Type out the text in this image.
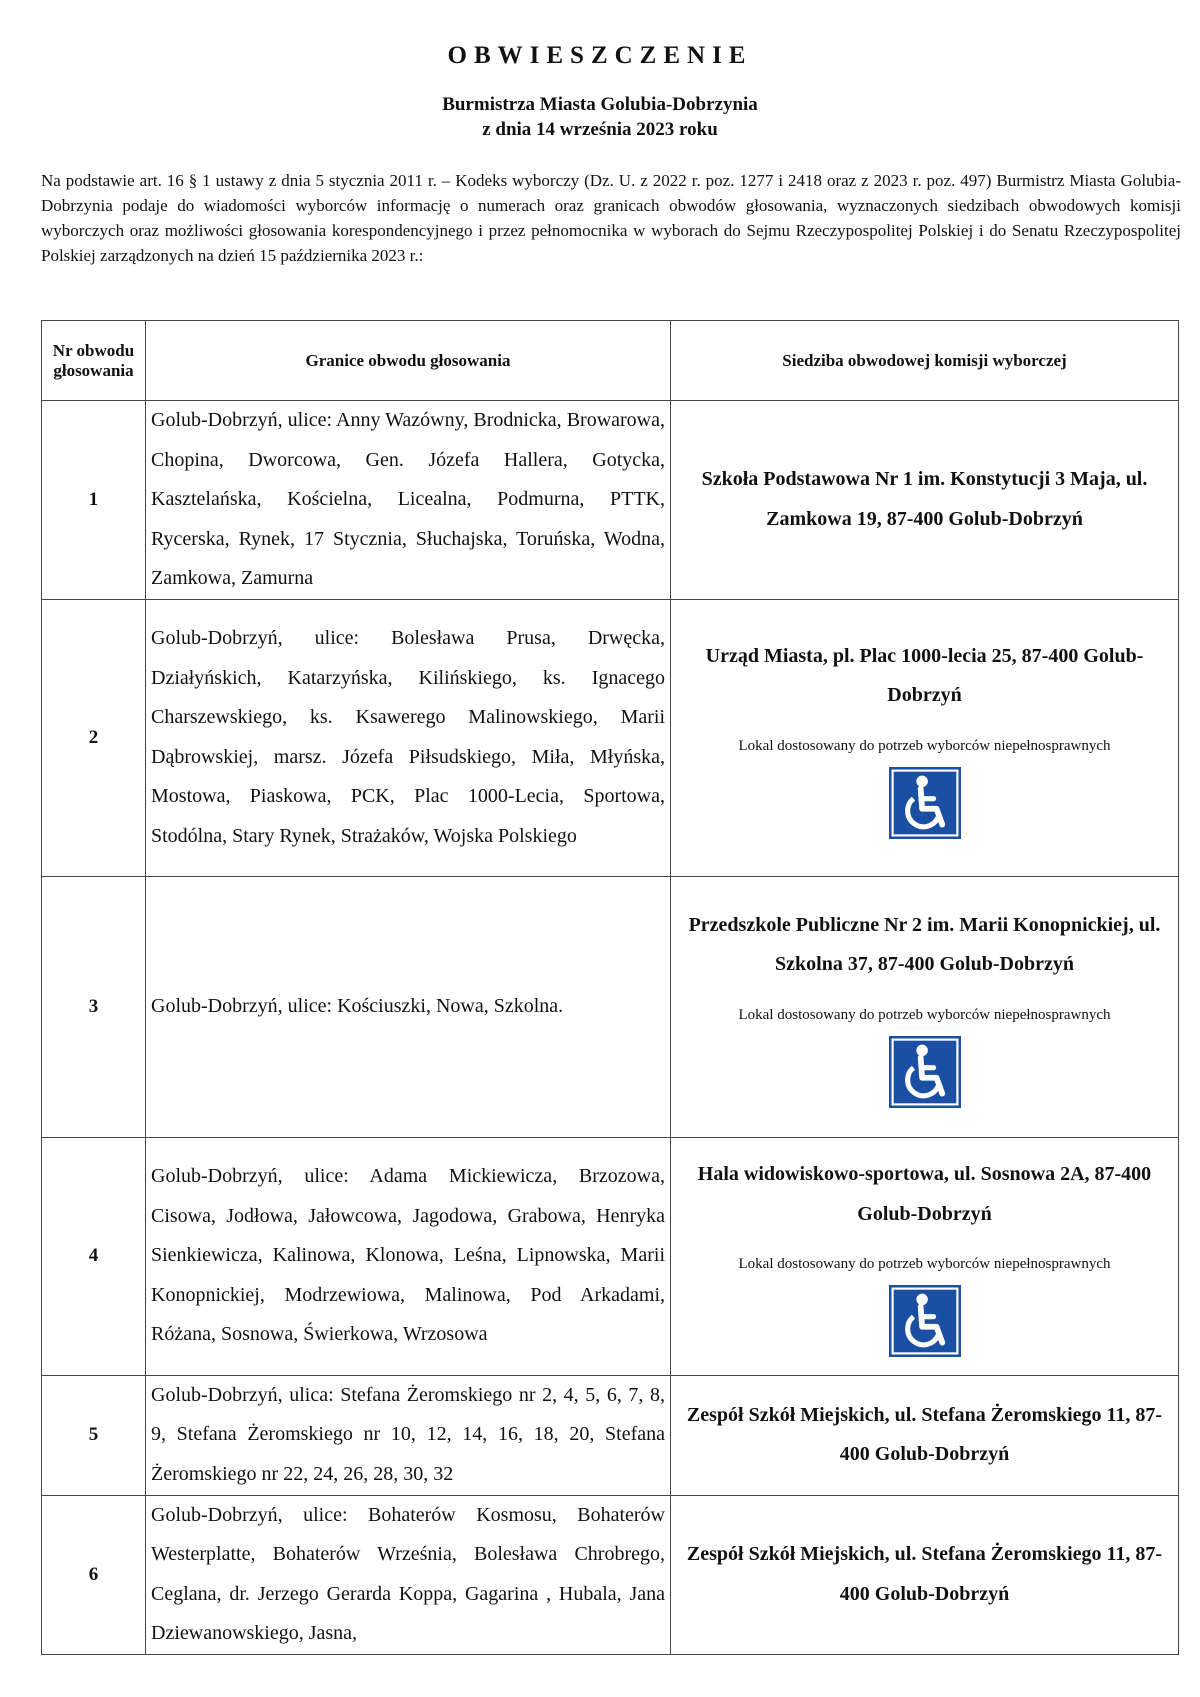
OBWIESZCZENIE
Burmistrza Miasta Golubia-Dobrzynia
z dnia 14 września 2023 roku
Na podstawie art. 16 § 1 ustawy z dnia 5 stycznia 2011 r. – Kodeks wyborczy (Dz. U. z 2022 r. poz. 1277 i 2418 oraz z 2023 r. poz. 497) Burmistrz Miasta Golubia-Dobrzynia podaje do wiadomości wyborców informację o numerach oraz granicach obwodów głosowania, wyznaczonych siedzibach obwodowych komisji wyborczych oraz możliwości głosowania korespondencyjnego i przez pełnomocnika w wyborach do Sejmu Rzeczypospolitej Polskiej i do Senatu Rzeczypospolitej Polskiej zarządzonych na dzień 15 października 2023 r.:
Nr obwodu głosowania	Granice obwodu głosowania	Siedziba obwodowej komisji wyborczej
1	Golub-Dobrzyń, ulice: Anny Wazówny, Brodnicka, Browarowa, Chopina, Dworcowa, Gen. Józefa Hallera, Gotycka, Kasztelańska, Kościelna, Licealna, Podmurna, PTTK, Rycerska, Rynek, 17 Stycznia, Słuchajska, Toruńska, Wodna, Zamkowa, Zamurna	Szkoła Podstawowa Nr 1 im. Konstytucji 3 Maja, ul. Zamkowa 19, 87-400 Golub-Dobrzyń

2	Golub-Dobrzyń, ulice: Bolesława Prusa, Drwęcka, Działyńskich, Katarzyńska, Kilińskiego, ks. Ignacego Charszewskiego, ks. Ksawerego Malinowskiego, Marii Dąbrowskiej, marsz. Józefa Piłsudskiego, Miła, Młyńska, Mostowa, Piaskowa, PCK, Plac 1000-Lecia, Sportowa, Stodólna, Stary Rynek, Strażaków, Wojska Polskiego	Urząd Miasta, pl. Plac 1000-lecia 25, 87-400 Golub-Dobrzyń
Lokal dostosowany do potrzeb wyborców niepełnosprawnych

3	Golub-Dobrzyń, ulice: Kościuszki, Nowa, Szkolna.	Przedszkole Publiczne Nr 2 im. Marii Konopnickiej, ul. Szkolna 37, 87-400 Golub-Dobrzyń
Lokal dostosowany do potrzeb wyborców niepełnosprawnych

4	Golub-Dobrzyń, ulice: Adama Mickiewicza, Brzozowa, Cisowa, Jodłowa, Jałowcowa, Jagodowa, Grabowa, Henryka Sienkiewicza, Kalinowa, Klonowa, Leśna, Lipnowska, Marii Konopnickiej, Modrzewiowa, Malinowa, Pod Arkadami, Różana, Sosnowa, Świerkowa, Wrzosowa	Hala widowiskowo-sportowa, ul. Sosnowa 2A, 87-400 Golub-Dobrzyń
Lokal dostosowany do potrzeb wyborców niepełnosprawnych

5	Golub-Dobrzyń, ulica: Stefana Żeromskiego nr 2, 4, 5, 6, 7, 8, 9, Stefana Żeromskiego nr 10, 12, 14, 16, 18, 20, Stefana Żeromskiego nr 22, 24, 26, 28, 30, 32	Zespół Szkół Miejskich, ul. Stefana Żeromskiego 11, 87-400 Golub-Dobrzyń

6	Golub-Dobrzyń, ulice: Bohaterów Kosmosu, Bohaterów Westerplatte, Bohaterów Września, Bolesława Chrobrego, Ceglana, dr. Jerzego Gerarda Koppa, Gagarina , Hubala, Jana Dziewanowskiego, Jasna,	Zespół Szkół Miejskich, ul. Stefana Żeromskiego 11, 87-400 Golub-Dobrzyń
